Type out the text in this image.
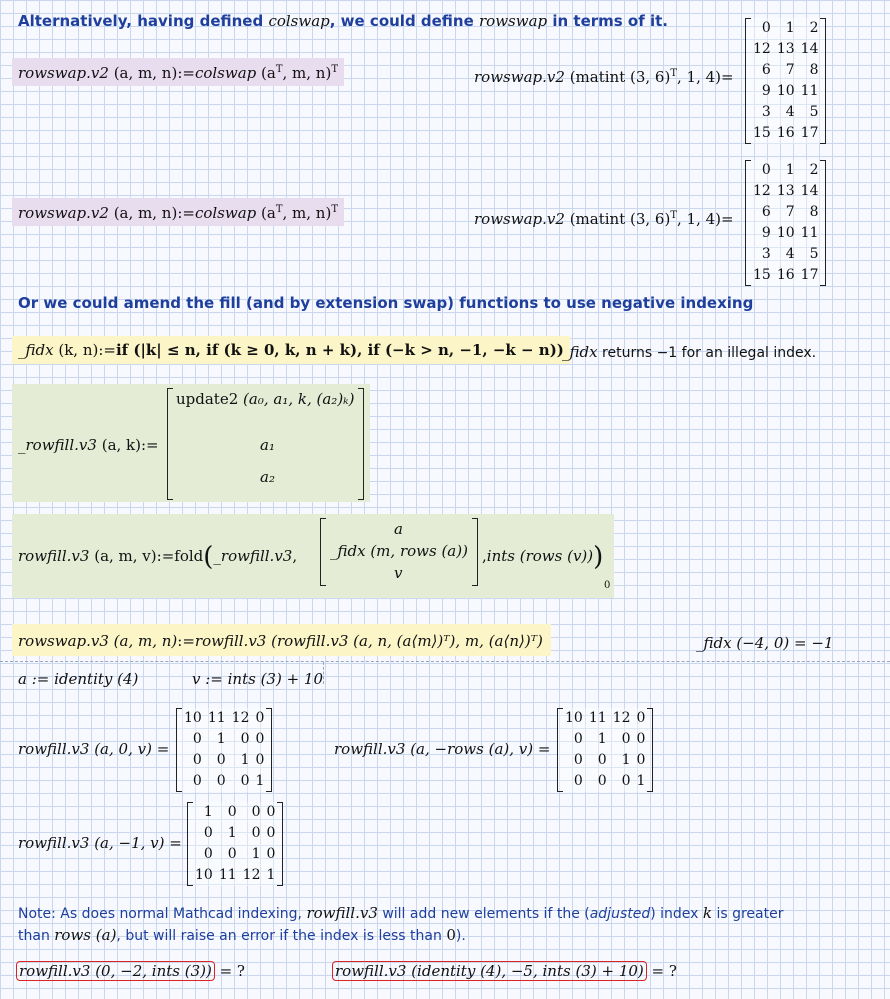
Alternatively, having defined colswap, we could define rowswap in terms of it.
rowswap.v2 (a, m, n):=colswap ($a^T$, m, n)$^T$	rowswap.v2 (matint (3, 6)$^T$, 1, 4)=
0	1	2
12	13	14
6	7	8
9	10	11
3	4	5
15	16	17
rowswap.v2 (a, m, n):=colswap ($a^T$, m, n)$^T$
rowswap.v2 (matint (3, 6)$^T$, 1, 4)=
0	1	2
12	13	14
6	7	8
9	10	11
3	4	5
15	16	17
Or we could amend the fill (and by extension swap) functions to use negative indexing
_fidx (k, n):=if (|k| ≤ n, if (k ≥ 0, k, n + k), if (−k > n, −1, −k − n))
_fidx returns −1 for an illegal index.
_rowfill.v3 (a, k):=
update2 (a₀, a₁, k, (a₂)ₖ)
a₁
a₂
rowfill.v3 (a, m, v):=fold(_rowfill.v3,
a
_fidx (m, rows (a))
v
,ints (rows (v)))
0
rowswap.v3 (a, m, n):=rowfill.v3 (rowfill.v3 (a, n, (a⟨m⟩)ᵀ), m, (a⟨n⟩)ᵀ)	_fidx (−4, 0) = −1
a := identity (4)	v := ints (3) + 10
rowfill.v3 (a, 0, v) =
10	11	12	0
0	1	0	0
0	0	1	0
0	0	0	1
rowfill.v3 (a, −rows (a), v) =
10	11	12	0
0	1	0	0
0	0	1	0
0	0	0	1
rowfill.v3 (a, −1, v) =
1	0	0	0
0	1	0	0
0	0	1	0
10	11	12	1
Note: As does normal Mathcad indexing, rowfill.v3 will add new elements if the (adjusted) index k is greater
than rows (a), but will raise an error if the index is less than 0).
rowfill.v3 (0, −2, ints (3)) = ?	rowfill.v3 (identity (4), −5, ints (3) + 10) = ?
